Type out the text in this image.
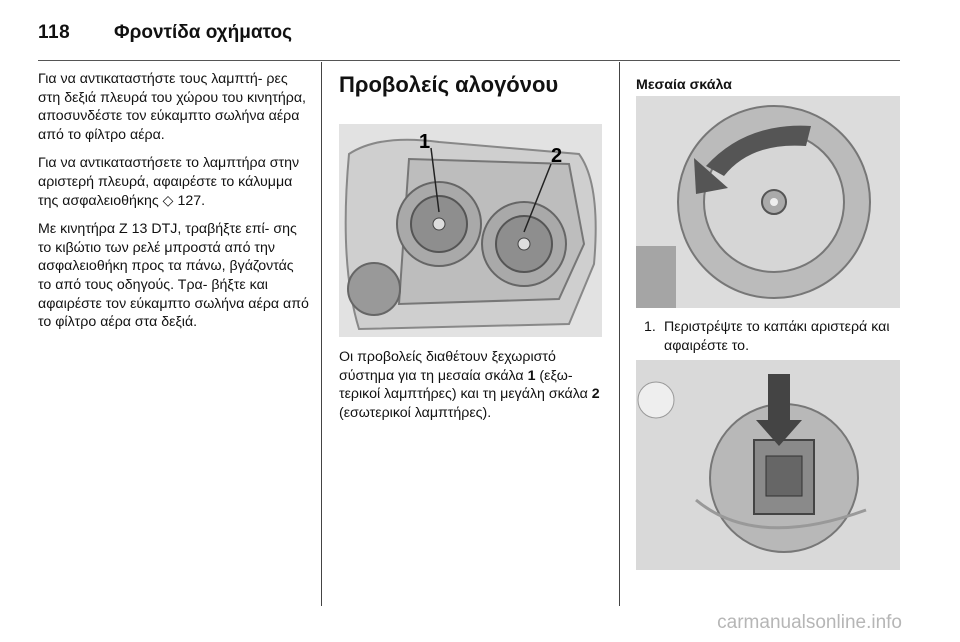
118 Φροντίδα οχήματος

Για να αντικαταστήστε τους λαμπτή- ρες στη δεξιά πλευρά του χώρου του κινητήρα, αποσυνδέστε τον εύκαμπτο σωλήνα αέρα από το φίλτρο αέρα.

Για να αντικαταστήσετε το λαμπτήρα στην αριστερή πλευρά, αφαιρέστε το κάλυμμα της ασφαλειοθήκης ◇ 127.

Με κινητήρα Z 13 DTJ, τραβήξτε επί- σης το κιβώτιο των ρελέ μπροστά από την ασφαλειοθήκη προς τα πάνω, βγάζοντάς το από τους οδηγούς. Τρα- βήξτε και αφαιρέστε τον εύκαμπτο σωλήνα αέρα από το φίλτρο αέρα στα δεξιά.

Προβολείς αλογόνου
1
2
Οι προβολείς διαθέτουν ξεχωριστό σύστημα για τη μεσαία σκάλα 1 (εξω- τερικοί λαμπτήρες) και τη μεγάλη σκάλα 2 (εσωτερικοί λαμπτήρες).
Μεσαία σκάλα
1. Περιστρέψτε το καπάκι αριστερά και αφαιρέστε το.
carmanualsonline.info
